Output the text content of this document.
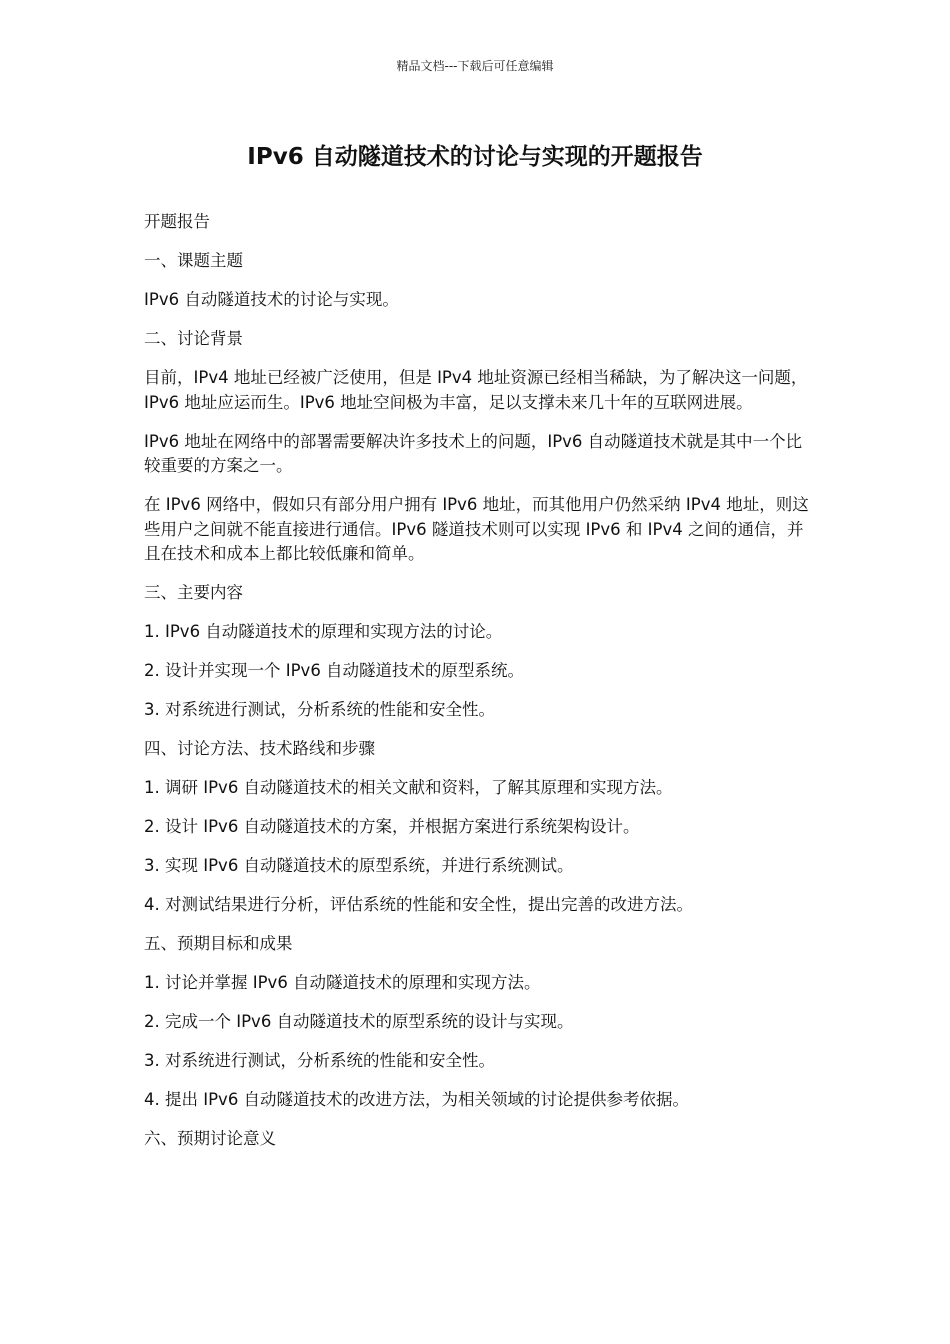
精品文档---下载后可任意编辑
IPv6 自动隧道技术的讨论与实现的开题报告

开题报告

一、课题主题

IPv6 自动隧道技术的讨论与实现。

二、讨论背景

目前，IPv4 地址已经被广泛使用，但是 IPv4 地址资源已经相当稀缺，为了解决这一问题，IPv6 地址应运而生。IPv6 地址空间极为丰富，足以支撑未来几十年的互联网进展。

IPv6 地址在网络中的部署需要解决许多技术上的问题，IPv6 自动隧道技术就是其中一个比较重要的方案之一。

在 IPv6 网络中，假如只有部分用户拥有 IPv6 地址，而其他用户仍然采纳 IPv4 地址，则这些用户之间就不能直接进行通信。IPv6 隧道技术则可以实现 IPv6 和 IPv4 之间的通信，并且在技术和成本上都比较低廉和简单。

三、主要内容

1. IPv6 自动隧道技术的原理和实现方法的讨论。

2. 设计并实现一个 IPv6 自动隧道技术的原型系统。

3. 对系统进行测试，分析系统的性能和安全性。

四、讨论方法、技术路线和步骤

1. 调研 IPv6 自动隧道技术的相关文献和资料，了解其原理和实现方法。

2. 设计 IPv6 自动隧道技术的方案，并根据方案进行系统架构设计。

3. 实现 IPv6 自动隧道技术的原型系统，并进行系统测试。

4. 对测试结果进行分析，评估系统的性能和安全性，提出完善的改进方法。

五、预期目标和成果

1. 讨论并掌握 IPv6 自动隧道技术的原理和实现方法。

2. 完成一个 IPv6 自动隧道技术的原型系统的设计与实现。

3. 对系统进行测试，分析系统的性能和安全性。

4. 提出 IPv6 自动隧道技术的改进方法，为相关领域的讨论提供参考依据。

六、预期讨论意义
